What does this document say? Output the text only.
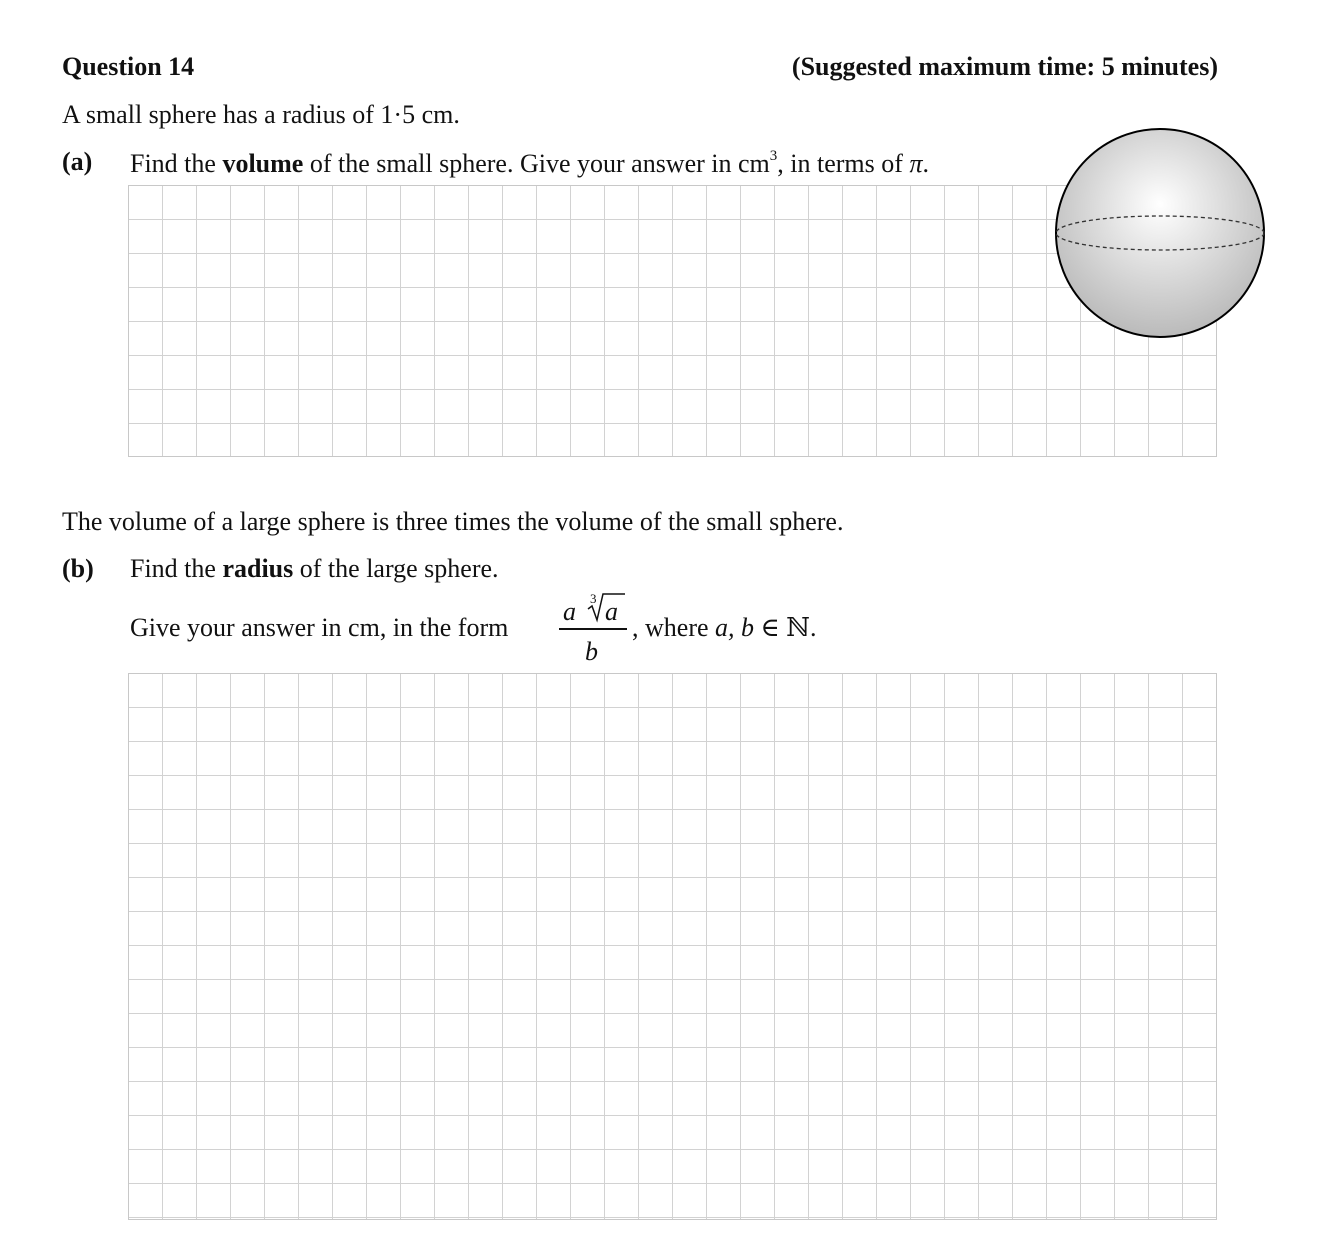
Question 14	(Suggested maximum time: 5 minutes)
A small sphere has a radius of 1·5 cm.
(a) Find the volume of the small sphere. Give your answer in $cm^3$, in terms of π.
The volume of a large sphere is three times the volume of the small sphere.
(b) Find the radius of the large sphere.
Give your answer in cm, in the form
a 3 a
b
, where a, b ∈ ℕ.
